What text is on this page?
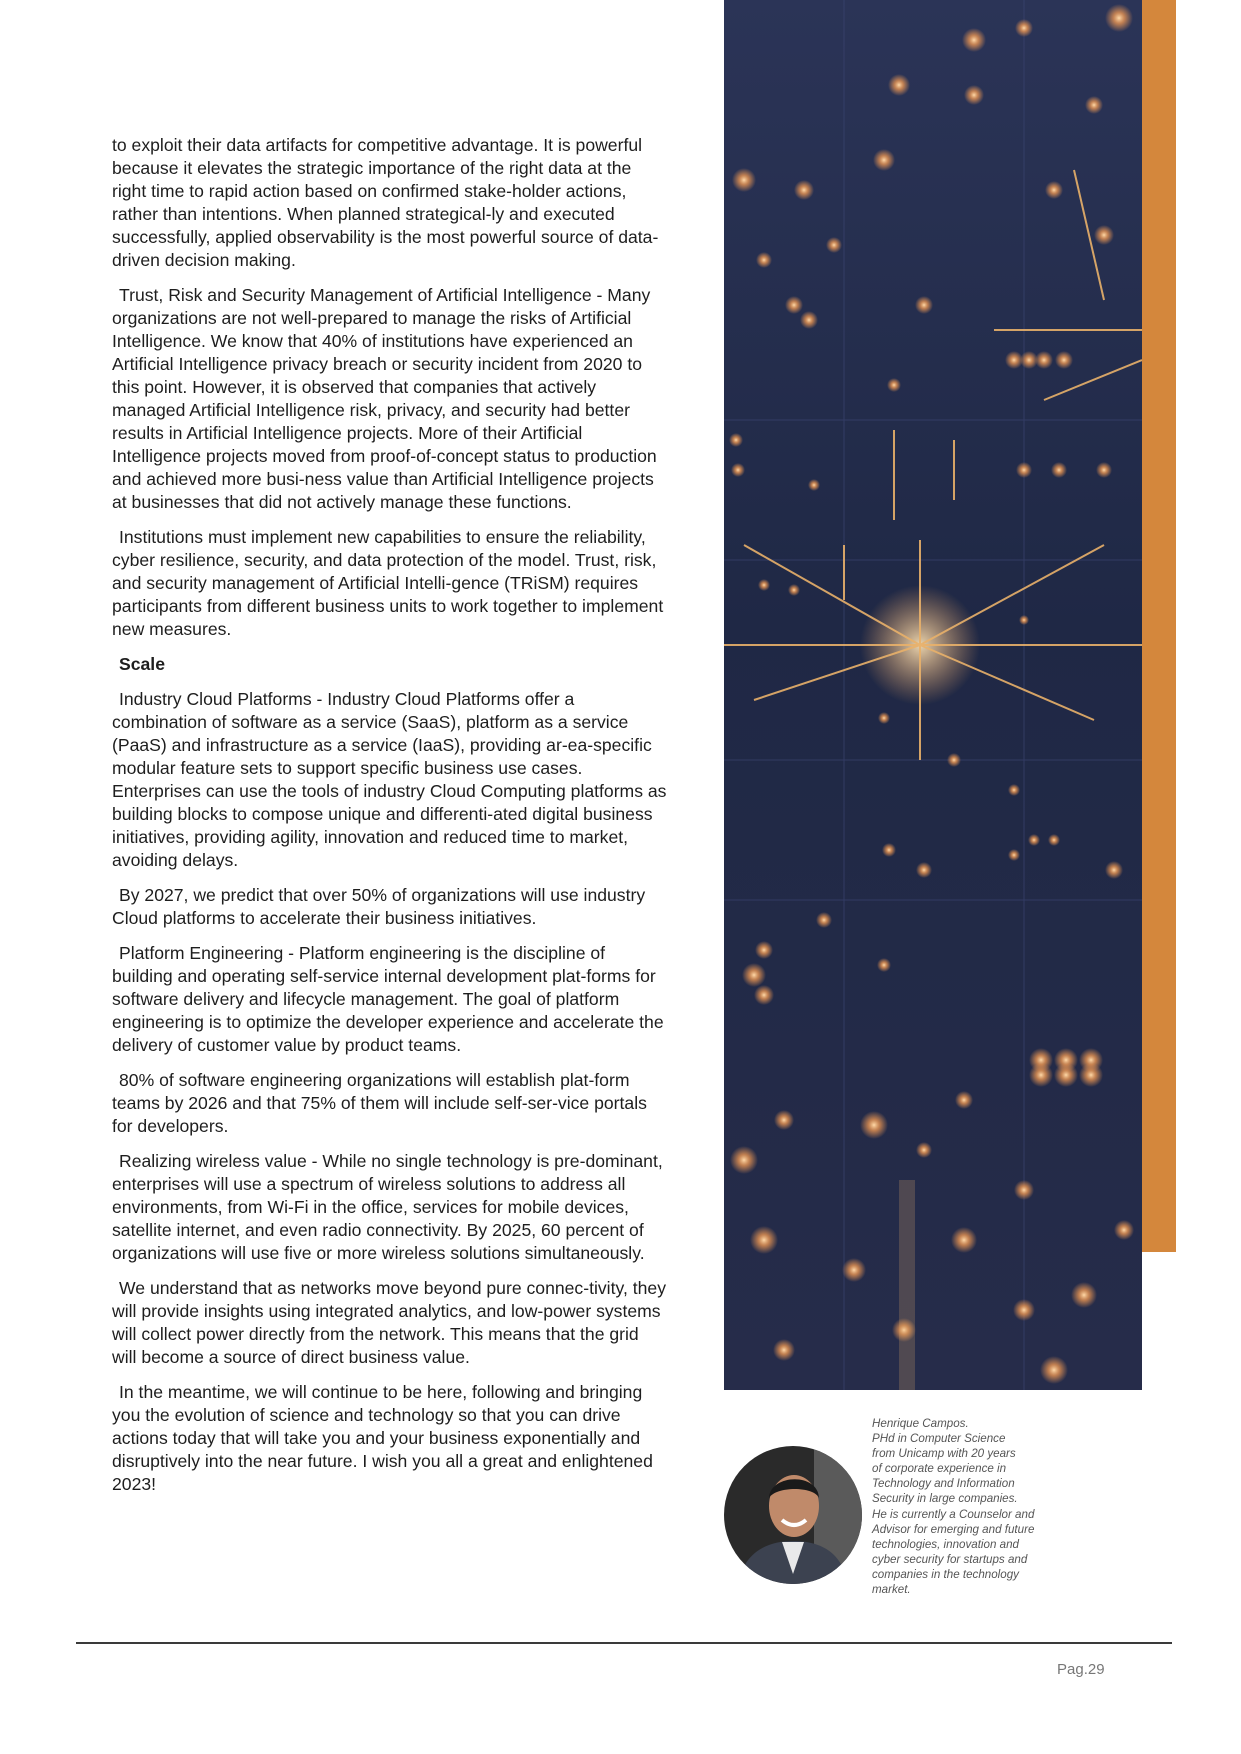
to exploit their data artifacts for competitive advantage. It is powerful because it elevates the strategic importance of the right data at the right time to rapid action based on confirmed stake-holder actions, rather than intentions. When planned strategical-ly and executed successfully, applied observability is the most powerful source of data-driven decision making.

Trust, Risk and Security Management of Artificial Intelligence - Many organizations are not well-prepared to manage the risks of Artificial Intelligence. We know that 40% of institutions have experienced an Artificial Intelligence privacy breach or security incident from 2020 to this point. However, it is observed that companies that actively managed Artificial Intelligence risk, privacy, and security had better results in Artificial Intelligence projects. More of their Artificial Intelligence projects moved from proof-of-concept status to production and achieved more busi-ness value than Artificial Intelligence projects at businesses that did not actively manage these functions.

Institutions must implement new capabilities to ensure the reliability, cyber resilience, security, and data protection of the model. Trust, risk, and security management of Artificial Intelli-gence (TRiSM) requires participants from different business units to work together to implement new measures.

Scale

Industry Cloud Platforms - Industry Cloud Platforms offer a combination of software as a service (SaaS), platform as a service (PaaS) and infrastructure as a service (IaaS), providing ar-ea-specific modular feature sets to support specific business use cases. Enterprises can use the tools of industry Cloud Computing platforms as building blocks to compose unique and differenti-ated digital business initiatives, providing agility, innovation and reduced time to market, avoiding delays.

By 2027, we predict that over 50% of organizations will use industry Cloud platforms to accelerate their business initiatives.

Platform Engineering - Platform engineering is the discipline of building and operating self-service internal development plat-forms for software delivery and lifecycle management. The goal of platform engineering is to optimize the developer experience and accelerate the delivery of customer value by product teams.

80% of software engineering organizations will establish plat-form teams by 2026 and that 75% of them will include self-ser-vice portals for developers.

Realizing wireless value - While no single technology is pre-dominant, enterprises will use a spectrum of wireless solutions to address all environments, from Wi-Fi in the office, services for mobile devices, satellite internet, and even radio connectivity. By 2025, 60 percent of organizations will use five or more wireless solutions simultaneously.

We understand that as networks move beyond pure connec-tivity, they will provide insights using integrated analytics, and low-power systems will collect power directly from the network. This means that the grid will become a source of direct business value.

In the meantime, we will continue to be here, following and bringing you the evolution of science and technology so that you can drive actions today that will take you and your business exponentially and disruptively into the near future. I wish you all a great and enlightened 2023!

Henrique Campos.
PHd in Computer Science
from Unicamp with 20 years
of corporate experience in
Technology and Information
Security in large companies.
He is currently a Counselor and
Advisor for emerging and future
technologies, innovation and
cyber security for startups and
companies in the technology
market.
Pag.29
